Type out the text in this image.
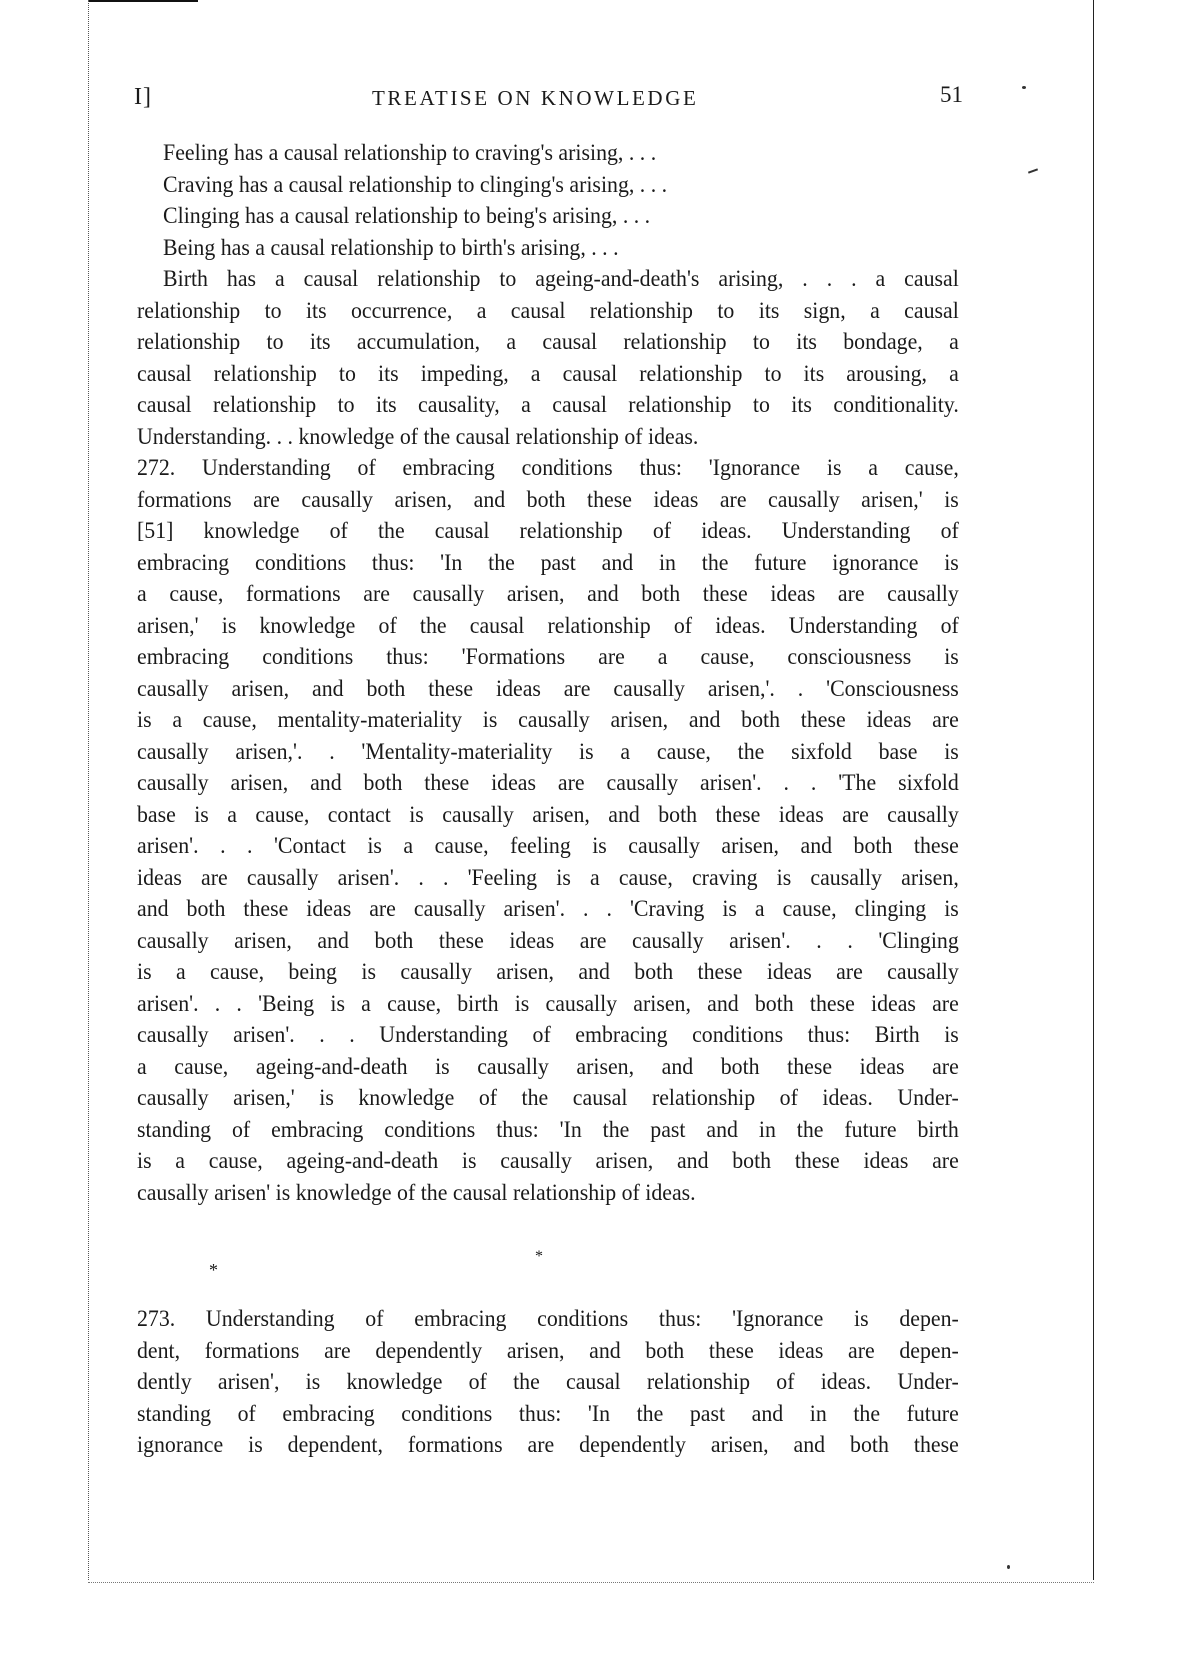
I]	TREATISE ON KNOWLEDGE	51
Feeling has a causal relationship to craving's arising, . . .
Craving has a causal relationship to clinging's arising, . . .
Clinging has a causal relationship to being's arising, . . .
Being has a causal relationship to birth's arising, . . .
Birth has a causal relationship to ageing-and-death's arising, . . . a causal
relationship to its occurrence, a causal relationship to its sign, a causal
relationship to its accumulation, a causal relationship to its bondage, a
causal relationship to its impeding, a causal relationship to its arousing, a
causal relationship to its causality, a causal relationship to its conditionality.
Understanding. . . knowledge of the causal relationship of ideas.
272. Understanding of embracing conditions thus: 'Ignorance is a cause,
formations are causally arisen, and both these ideas are causally arisen,' is
[51] knowledge of the causal relationship of ideas. Understanding of
embracing conditions thus: 'In the past and in the future ignorance is
a cause, formations are causally arisen, and both these ideas are causally
arisen,' is knowledge of the causal relationship of ideas. Understanding of
embracing conditions thus: 'Formations are a cause, consciousness is
causally arisen, and both these ideas are causally arisen,'. . 'Consciousness
is a cause, mentality-materiality is causally arisen, and both these ideas are
causally arisen,'. . 'Mentality-materiality is a cause, the sixfold base is
causally arisen, and both these ideas are causally arisen'. . . 'The sixfold
base is a cause, contact is causally arisen, and both these ideas are causally
arisen'. . . 'Contact is a cause, feeling is causally arisen, and both these
ideas are causally arisen'. . . 'Feeling is a cause, craving is causally arisen,
and both these ideas are causally arisen'. . . 'Craving is a cause, clinging is
causally arisen, and both these ideas are causally arisen'. . . 'Clinging
is a cause, being is causally arisen, and both these ideas are causally
arisen'. . . 'Being is a cause, birth is causally arisen, and both these ideas are
causally arisen'. . . Understanding of embracing conditions thus: Birth is
a cause, ageing-and-death is causally arisen, and both these ideas are
causally arisen,' is knowledge of the causal relationship of ideas. Under-
standing of embracing conditions thus: 'In the past and in the future birth
is a cause, ageing-and-death is causally arisen, and both these ideas are
causally arisen' is knowledge of the causal relationship of ideas.
*
*
273. Understanding of embracing conditions thus: 'Ignorance is depen-
dent, formations are dependently arisen, and both these ideas are depen-
dently arisen', is knowledge of the causal relationship of ideas. Under-
standing of embracing conditions thus: 'In the past and in the future
ignorance is dependent, formations are dependently arisen, and both these
